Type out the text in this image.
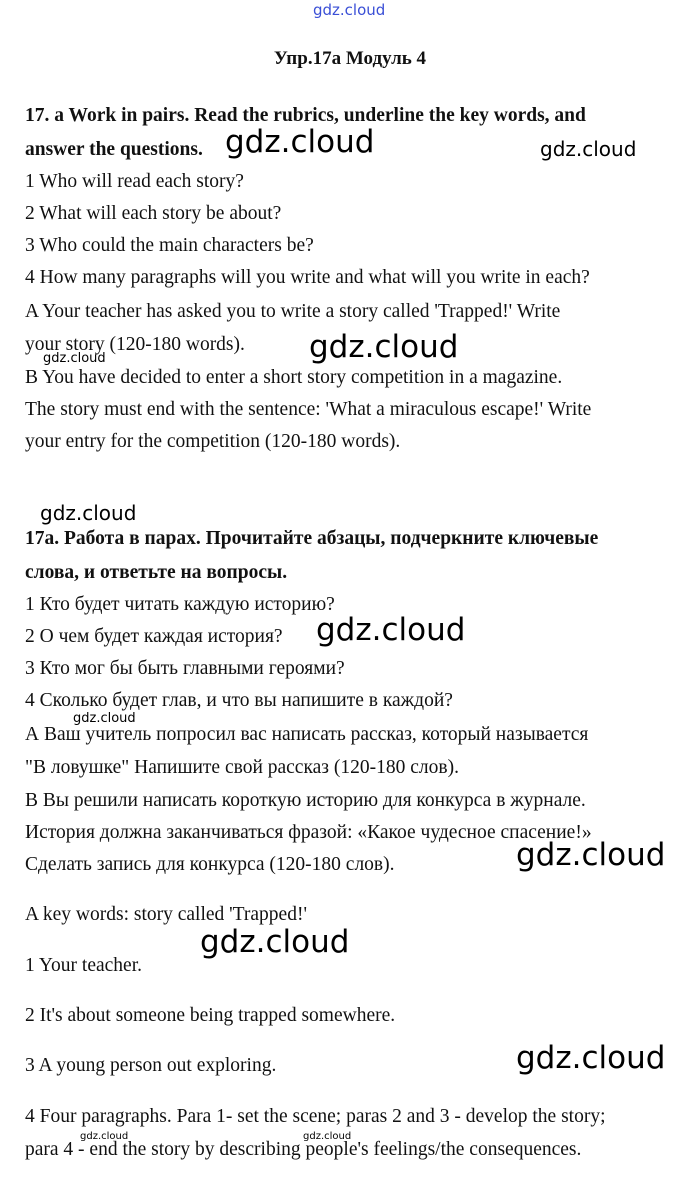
gdz.cloud
Упр.17а Модуль 4
17. a Work in pairs. Read the rubrics, underline the key words, and
answer the questions.
1 Who will read each story?
2 What will each story be about?
3 Who could the main characters be?
4 How many paragraphs will you write and what will you write in each?
A Your teacher has asked you to write a story called 'Trapped!' Write
your story (120-180 words).
B You have decided to enter a short story competition in a magazine.
The story must end with the sentence: 'What a miraculous escape!' Write
your entry for the competition (120-180 words).
17а. Работа в парах. Прочитайте абзацы, подчеркните ключевые
слова, и ответьте на вопросы.
1 Кто будет читать каждую историю?
2 О чем будет каждая история?
3 Кто мог бы быть главными героями?
4 Сколько будет глав, и что вы напишите в каждой?
А Ваш учитель попросил вас написать рассказ, который называется
"В ловушке" Напишите свой рассказ (120-180 слов).
В Вы решили написать короткую историю для конкурса в журнале.
История должна заканчиваться фразой: «Какое чудесное спасение!»
Сделать запись для конкурса (120-180 слов).
A key words: story called 'Trapped!'
1 Your teacher.
2 It's about someone being trapped somewhere.
3 A young person out exploring.
4 Four paragraphs. Para 1- set the scene; paras 2 and 3 - develop the story;
para 4 - end the story by describing people's feelings/the consequences.
gdz.cloud	gdz.cloud
gdz.cloud
gdz.cloud
gdz.cloud
gdz.cloud
gdz.cloud
gdz.cloud
gdz.cloud
gdz.cloud
gdz.cloud	gdz.cloud
